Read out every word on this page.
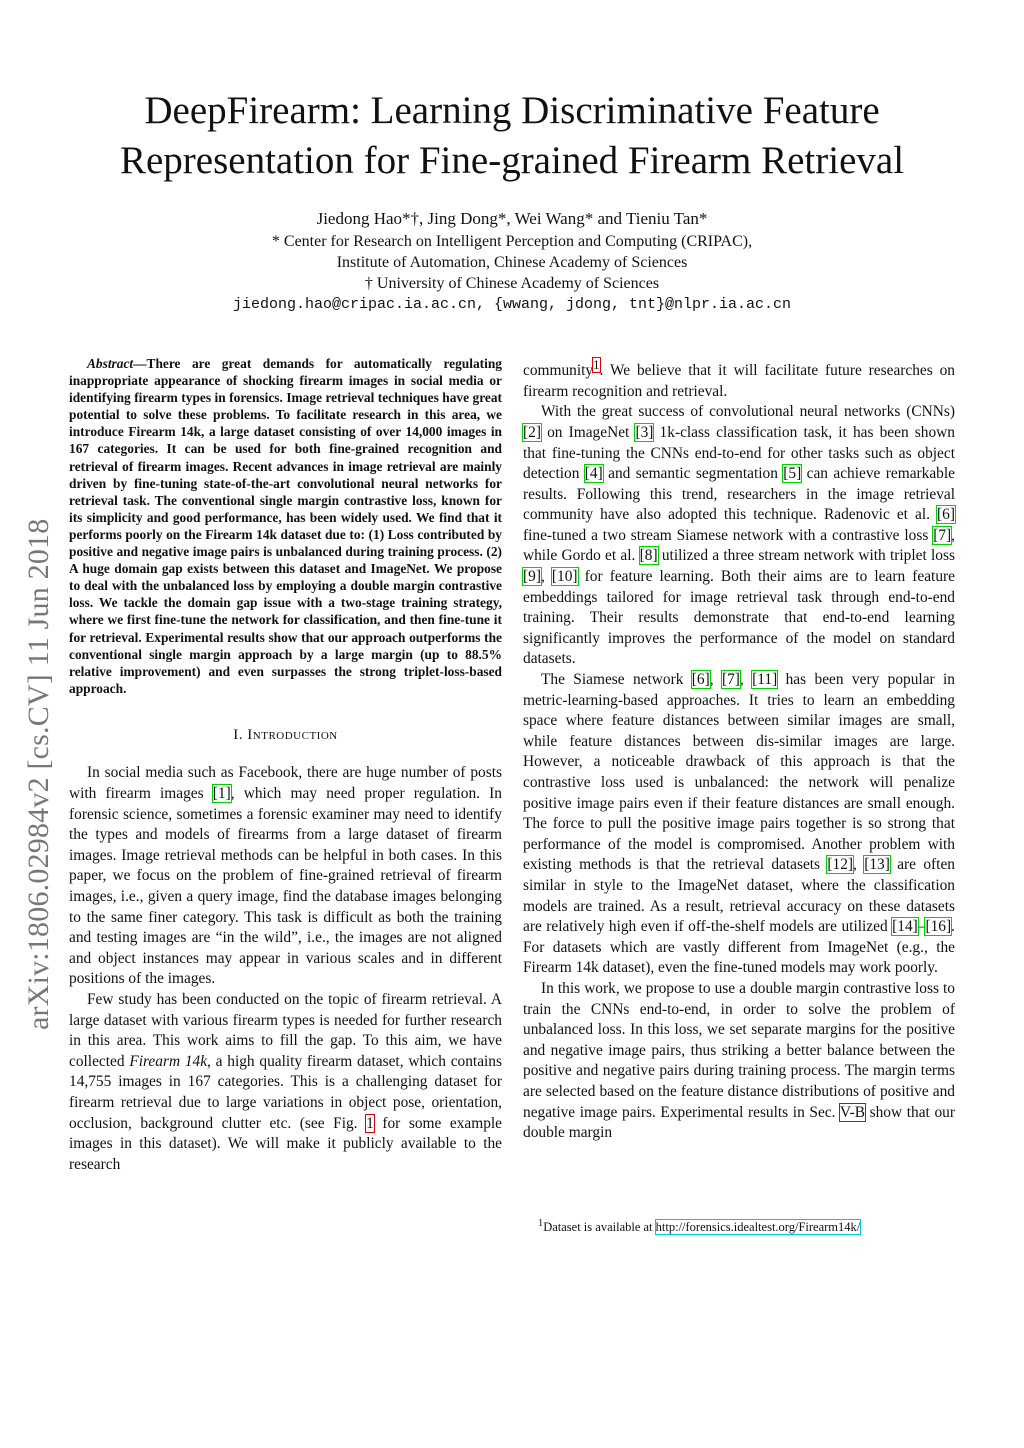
arXiv:1806.02984v2 [cs.CV] 11 Jun 2018
DeepFirearm: Learning Discriminative Feature
Representation for Fine-grained Firearm Retrieval
Jiedong Hao*†, Jing Dong*, Wei Wang* and Tieniu Tan*
* Center for Research on Intelligent Perception and Computing (CRIPAC),
Institute of Automation, Chinese Academy of Sciences
† University of Chinese Academy of Sciences
jiedong.hao@cripac.ia.ac.cn, {wwang, jdong, tnt}@nlpr.ia.ac.cn
Abstract—There are great demands for automatically regulating inappropriate appearance of shocking firearm images in social media or identifying firearm types in forensics. Image retrieval techniques have great potential to solve these problems. To facilitate research in this area, we introduce Firearm 14k, a large dataset consisting of over 14,000 images in 167 categories. It can be used for both fine-grained recognition and retrieval of firearm images. Recent advances in image retrieval are mainly driven by fine-tuning state-of-the-art convolutional neural networks for retrieval task. The conventional single margin contrastive loss, known for its simplicity and good performance, has been widely used. We find that it performs poorly on the Firearm 14k dataset due to: (1) Loss contributed by positive and negative image pairs is unbalanced during training process. (2) A huge domain gap exists between this dataset and ImageNet. We propose to deal with the unbalanced loss by employing a double margin contrastive loss. We tackle the domain gap issue with a two-stage training strategy, where we first fine-tune the network for classification, and then fine-tune it for retrieval. Experimental results show that our approach outperforms the conventional single margin approach by a large margin (up to 88.5% relative improvement) and even surpasses the strong triplet-loss-based approach.
I. Introduction

In social media such as Facebook, there are huge number of posts with firearm images [1], which may need proper regulation. In forensic science, sometimes a forensic examiner may need to identify the types and models of firearms from a large dataset of firearm images. Image retrieval methods can be helpful in both cases. In this paper, we focus on the problem of fine-grained retrieval of firearm images, i.e., given a query image, find the database images belonging to the same finer category. This task is difficult as both the training and testing images are “in the wild”, i.e., the images are not aligned and object instances may appear in various scales and in different positions of the images.

Few study has been conducted on the topic of firearm retrieval. A large dataset with various firearm types is needed for further research in this area. This work aims to fill the gap. To this aim, we have collected Firearm 14k, a high quality firearm dataset, which contains 14,755 images in 167 categories. This is a challenging dataset for firearm retrieval due to large variations in object pose, orientation, occlusion, background clutter etc. (see Fig. 1 for some example images in this dataset). We will make it publicly available to the research

community$^1$. We believe that it will facilitate future researches on firearm recognition and retrieval.

With the great success of convolutional neural networks (CNNs) [2] on ImageNet [3] 1k-class classification task, it has been shown that fine-tuning the CNNs end-to-end for other tasks such as object detection [4] and semantic segmentation [5] can achieve remarkable results. Following this trend, researchers in the image retrieval community have also adopted this technique. Radenovic et al. [6] fine-tuned a two stream Siamese network with a contrastive loss [7], while Gordo et al. [8] utilized a three stream network with triplet loss [9], [10] for feature learning. Both their aims are to learn feature embeddings tailored for image retrieval task through end-to-end training. Their results demonstrate that end-to-end learning significantly improves the performance of the model on standard datasets.

The Siamese network [6], [7], [11] has been very popular in metric-learning-based approaches. It tries to learn an embedding space where feature distances between similar images are small, while feature distances between dis-similar images are large. However, a noticeable drawback of this approach is that the contrastive loss used is unbalanced: the network will penalize positive image pairs even if their feature distances are small enough. The force to pull the positive image pairs together is so strong that performance of the model is compromised. Another problem with existing methods is that the retrieval datasets [12], [13] are often similar in style to the ImageNet dataset, where the classification models are trained. As a result, retrieval accuracy on these datasets are relatively high even if off-the-shelf models are utilized [14]–[16]. For datasets which are vastly different from ImageNet (e.g., the Firearm 14k dataset), even the fine-tuned models may work poorly.

In this work, we propose to use a double margin contrastive loss to train the CNNs end-to-end, in order to solve the problem of unbalanced loss. In this loss, we set separate margins for the positive and negative image pairs, thus striking a better balance between the positive and negative pairs during training process. The margin terms are selected based on the feature distance distributions of positive and negative image pairs. Experimental results in Sec. V-B show that our double margin

$^1$Dataset is available at http://forensics.idealtest.org/Firearm14k/
